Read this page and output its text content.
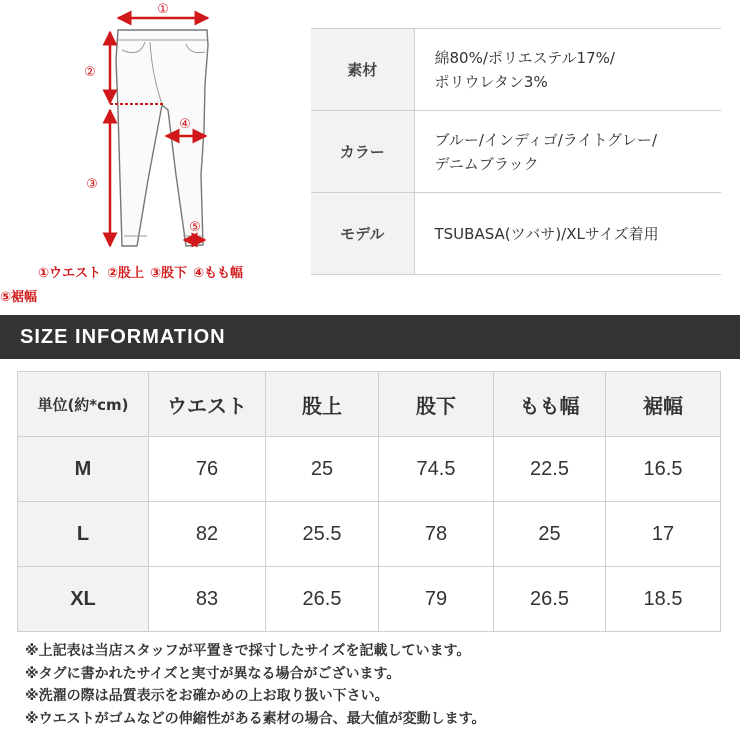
①
②
③
④
⑤
①ウエスト ②股上 ③股下 ④もも幅
⑤裾幅
素材	綿80%/ポリエステル17%/
ポリウレタン3%

カラー	ブルー/インディゴ/ライトグレー/
デニムブラック

モデル	TSUBASA(ツバサ)/XLサイズ着用
SIZE INFORMATION
単位(約*cm)	ウエスト	股上	股下	もも幅	裾幅
M	76	25	74.5	22.5	16.5
L	82	25.5	78	25	17
XL	83	26.5	79	26.5	18.5
※上記表は当店スタッフが平置きで採寸したサイズを記載しています。
※タグに書かれたサイズと実寸が異なる場合がございます。
※洗濯の際は品質表示をお確かめの上お取り扱い下さい。
※ウエストがゴムなどの伸縮性がある素材の場合、最大値が変動します。
